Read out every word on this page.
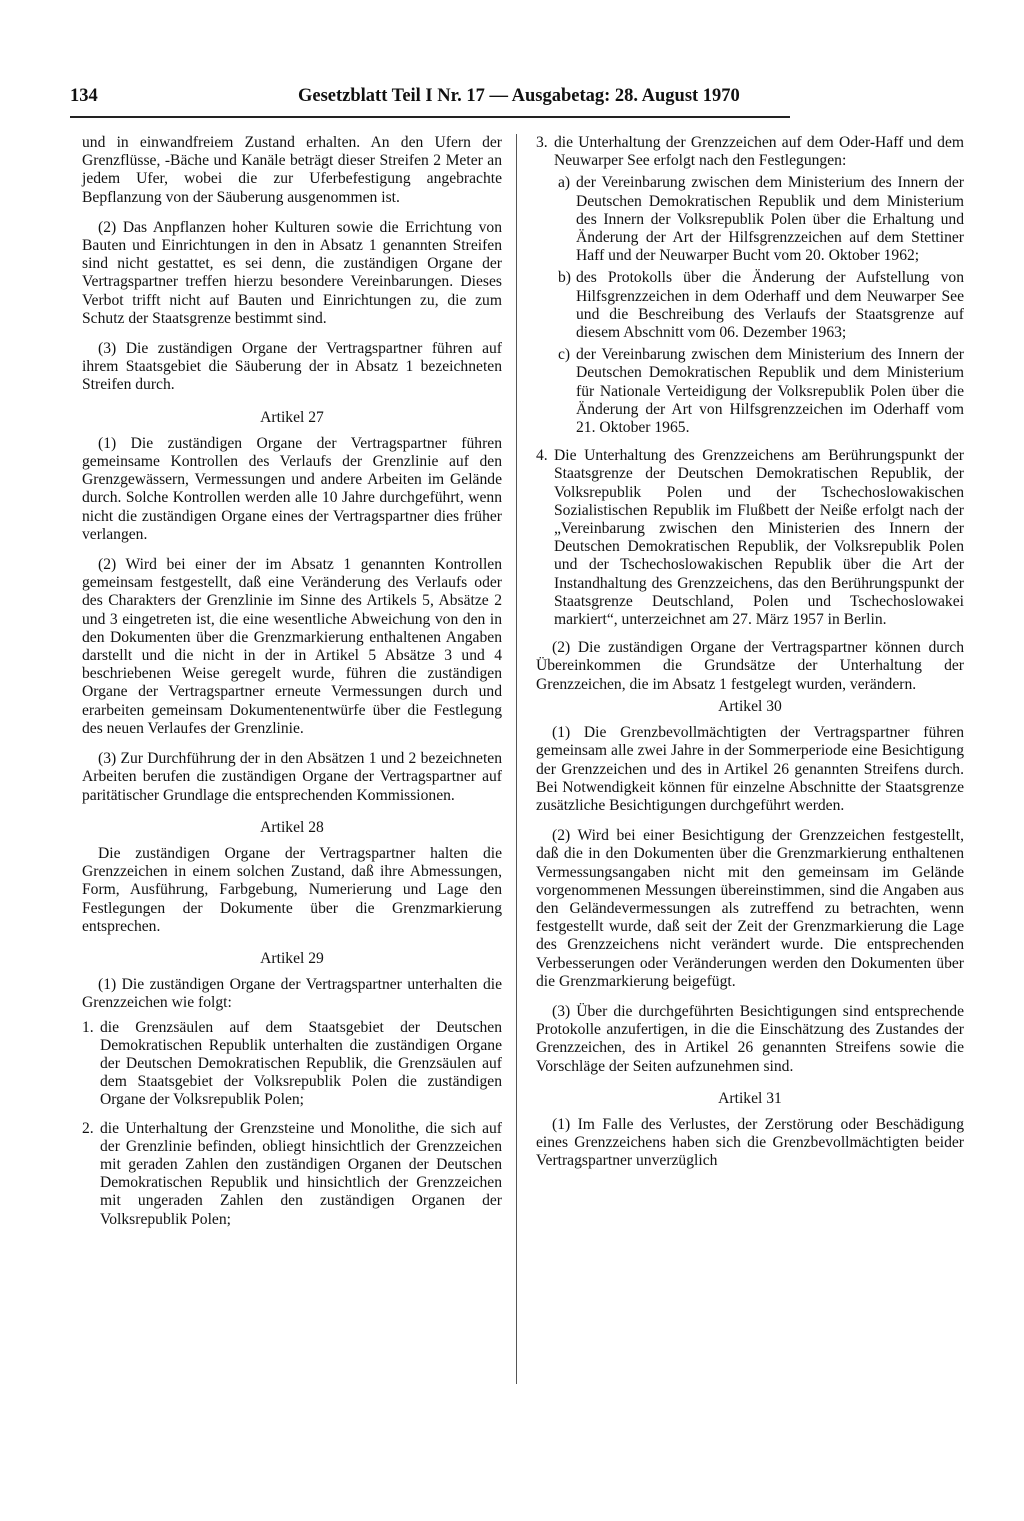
134	Gesetzblatt Teil I Nr. 17 — Ausgabetag: 28. August 1970

und in einwandfreiem Zustand erhalten. An den Ufern der Grenzflüsse, -Bäche und Kanäle beträgt dieser Streifen 2 Meter an jedem Ufer, wobei die zur Uferbefestigung angebrachte Bepflanzung von der Säuberung ausgenommen ist.

(2) Das Anpflanzen hoher Kulturen sowie die Errichtung von Bauten und Einrichtungen in den in Absatz 1 genannten Streifen sind nicht gestattet, es sei denn, die zuständigen Organe der Vertragspartner treffen hierzu besondere Vereinbarungen. Dieses Verbot trifft nicht auf Bauten und Einrichtungen zu, die zum Schutz der Staatsgrenze bestimmt sind.

(3) Die zuständigen Organe der Vertragspartner führen auf ihrem Staatsgebiet die Säuberung der in Absatz 1 bezeichneten Streifen durch.

Artikel 27

(1) Die zuständigen Organe der Vertragspartner führen gemeinsame Kontrollen des Verlaufs der Grenzlinie auf den Grenzgewässern, Vermessungen und andere Arbeiten im Gelände durch. Solche Kontrollen werden alle 10 Jahre durchgeführt, wenn nicht die zuständigen Organe eines der Vertragspartner dies früher verlangen.

(2) Wird bei einer der im Absatz 1 genannten Kontrollen gemeinsam festgestellt, daß eine Veränderung des Verlaufs oder des Charakters der Grenzlinie im Sinne des Artikels 5, Absätze 2 und 3 eingetreten ist, die eine wesentliche Abweichung von den in den Dokumenten über die Grenzmarkierung enthaltenen Angaben darstellt und die nicht in der in Artikel 5 Absätze 3 und 4 beschriebenen Weise geregelt wurde, führen die zuständigen Organe der Vertragspartner erneute Vermessungen durch und erarbeiten gemeinsam Dokumentenentwürfe über die Festlegung des neuen Verlaufes der Grenzlinie.

(3) Zur Durchführung der in den Absätzen 1 und 2 bezeichneten Arbeiten berufen die zuständigen Organe der Vertragspartner auf paritätischer Grundlage die entsprechenden Kommissionen.

Artikel 28

Die zuständigen Organe der Vertragspartner halten die Grenzzeichen in einem solchen Zustand, daß ihre Abmessungen, Form, Ausführung, Farbgebung, Numerierung und Lage den Festlegungen der Dokumente über die Grenzmarkierung entsprechen.

Artikel 29

(1) Die zuständigen Organe der Vertragspartner unterhalten die Grenzzeichen wie folgt:

1. die Grenzsäulen auf dem Staatsgebiet der Deutschen Demokratischen Republik unterhalten die zuständigen Organe der Deutschen Demokratischen Republik, die Grenzsäulen auf dem Staatsgebiet der Volksrepublik Polen die zuständigen Organe der Volksrepublik Polen;
2. die Unterhaltung der Grenzsteine und Monolithe, die sich auf der Grenzlinie befinden, obliegt hinsichtlich der Grenzzeichen mit geraden Zahlen den zuständigen Organen der Deutschen Demokratischen Republik und hinsichtlich der Grenzzeichen mit ungeraden Zahlen den zuständigen Organen der Volksrepublik Polen;
3. die Unterhaltung der Grenzzeichen auf dem Oder-Haff und dem Neuwarper See erfolgt nach den Festlegungen:
a) der Vereinbarung zwischen dem Ministerium des Innern der Deutschen Demokratischen Republik und dem Ministerium des Innern der Volksrepublik Polen über die Erhaltung und Änderung der Art der Hilfsgrenzzeichen auf dem Stettiner Haff und der Neuwarper Bucht vom 20. Oktober 1962;
b) des Protokolls über die Änderung der Aufstellung von Hilfsgrenzzeichen in dem Oderhaff und dem Neuwarper See und die Beschreibung des Verlaufs der Staatsgrenze auf diesem Abschnitt vom 06. Dezember 1963;
c) der Vereinbarung zwischen dem Ministerium des Innern der Deutschen Demokratischen Republik und dem Ministerium für Nationale Verteidigung der Volksrepublik Polen über die Änderung der Art von Hilfsgrenzzeichen im Oderhaff vom 21. Oktober 1965.
4. Die Unterhaltung des Grenzzeichens am Berührungspunkt der Staatsgrenze der Deutschen Demokratischen Republik, der Volksrepublik Polen und der Tschechoslowakischen Sozialistischen Republik im Flußbett der Neiße erfolgt nach der „Vereinbarung zwischen den Ministerien des Innern der Deutschen Demokratischen Republik, der Volksrepublik Polen und der Tschechoslowakischen Republik über die Art der Instandhaltung des Grenzzeichens, das den Berührungspunkt der Staatsgrenze Deutschland, Polen und Tschechoslowakei markiert“, unterzeichnet am 27. März 1957 in Berlin.

(2) Die zuständigen Organe der Vertragspartner können durch Übereinkommen die Grundsätze der Unterhaltung der Grenzzeichen, die im Absatz 1 festgelegt wurden, verändern.

Artikel 30

(1) Die Grenzbevollmächtigten der Vertragspartner führen gemeinsam alle zwei Jahre in der Sommerperiode eine Besichtigung der Grenzzeichen und des in Artikel 26 genannten Streifens durch. Bei Notwendigkeit können für einzelne Abschnitte der Staatsgrenze zusätzliche Besichtigungen durchgeführt werden.

(2) Wird bei einer Besichtigung der Grenzzeichen festgestellt, daß die in den Dokumenten über die Grenzmarkierung enthaltenen Vermessungsangaben nicht mit den gemeinsam im Gelände vorgenommenen Messungen übereinstimmen, sind die Angaben aus den Geländevermessungen als zutreffend zu betrachten, wenn festgestellt wurde, daß seit der Zeit der Grenzmarkierung die Lage des Grenzzeichens nicht verändert wurde. Die entsprechenden Verbesserungen oder Veränderungen werden den Dokumenten über die Grenzmarkierung beigefügt.

(3) Über die durchgeführten Besichtigungen sind entsprechende Protokolle anzufertigen, in die die Einschätzung des Zustandes der Grenzzeichen, des in Artikel 26 genannten Streifens sowie die Vorschläge der Seiten aufzunehmen sind.

Artikel 31

(1) Im Falle des Verlustes, der Zerstörung oder Beschädigung eines Grenzzeichens haben sich die Grenzbevollmächtigten beider Vertragspartner unverzüglich
